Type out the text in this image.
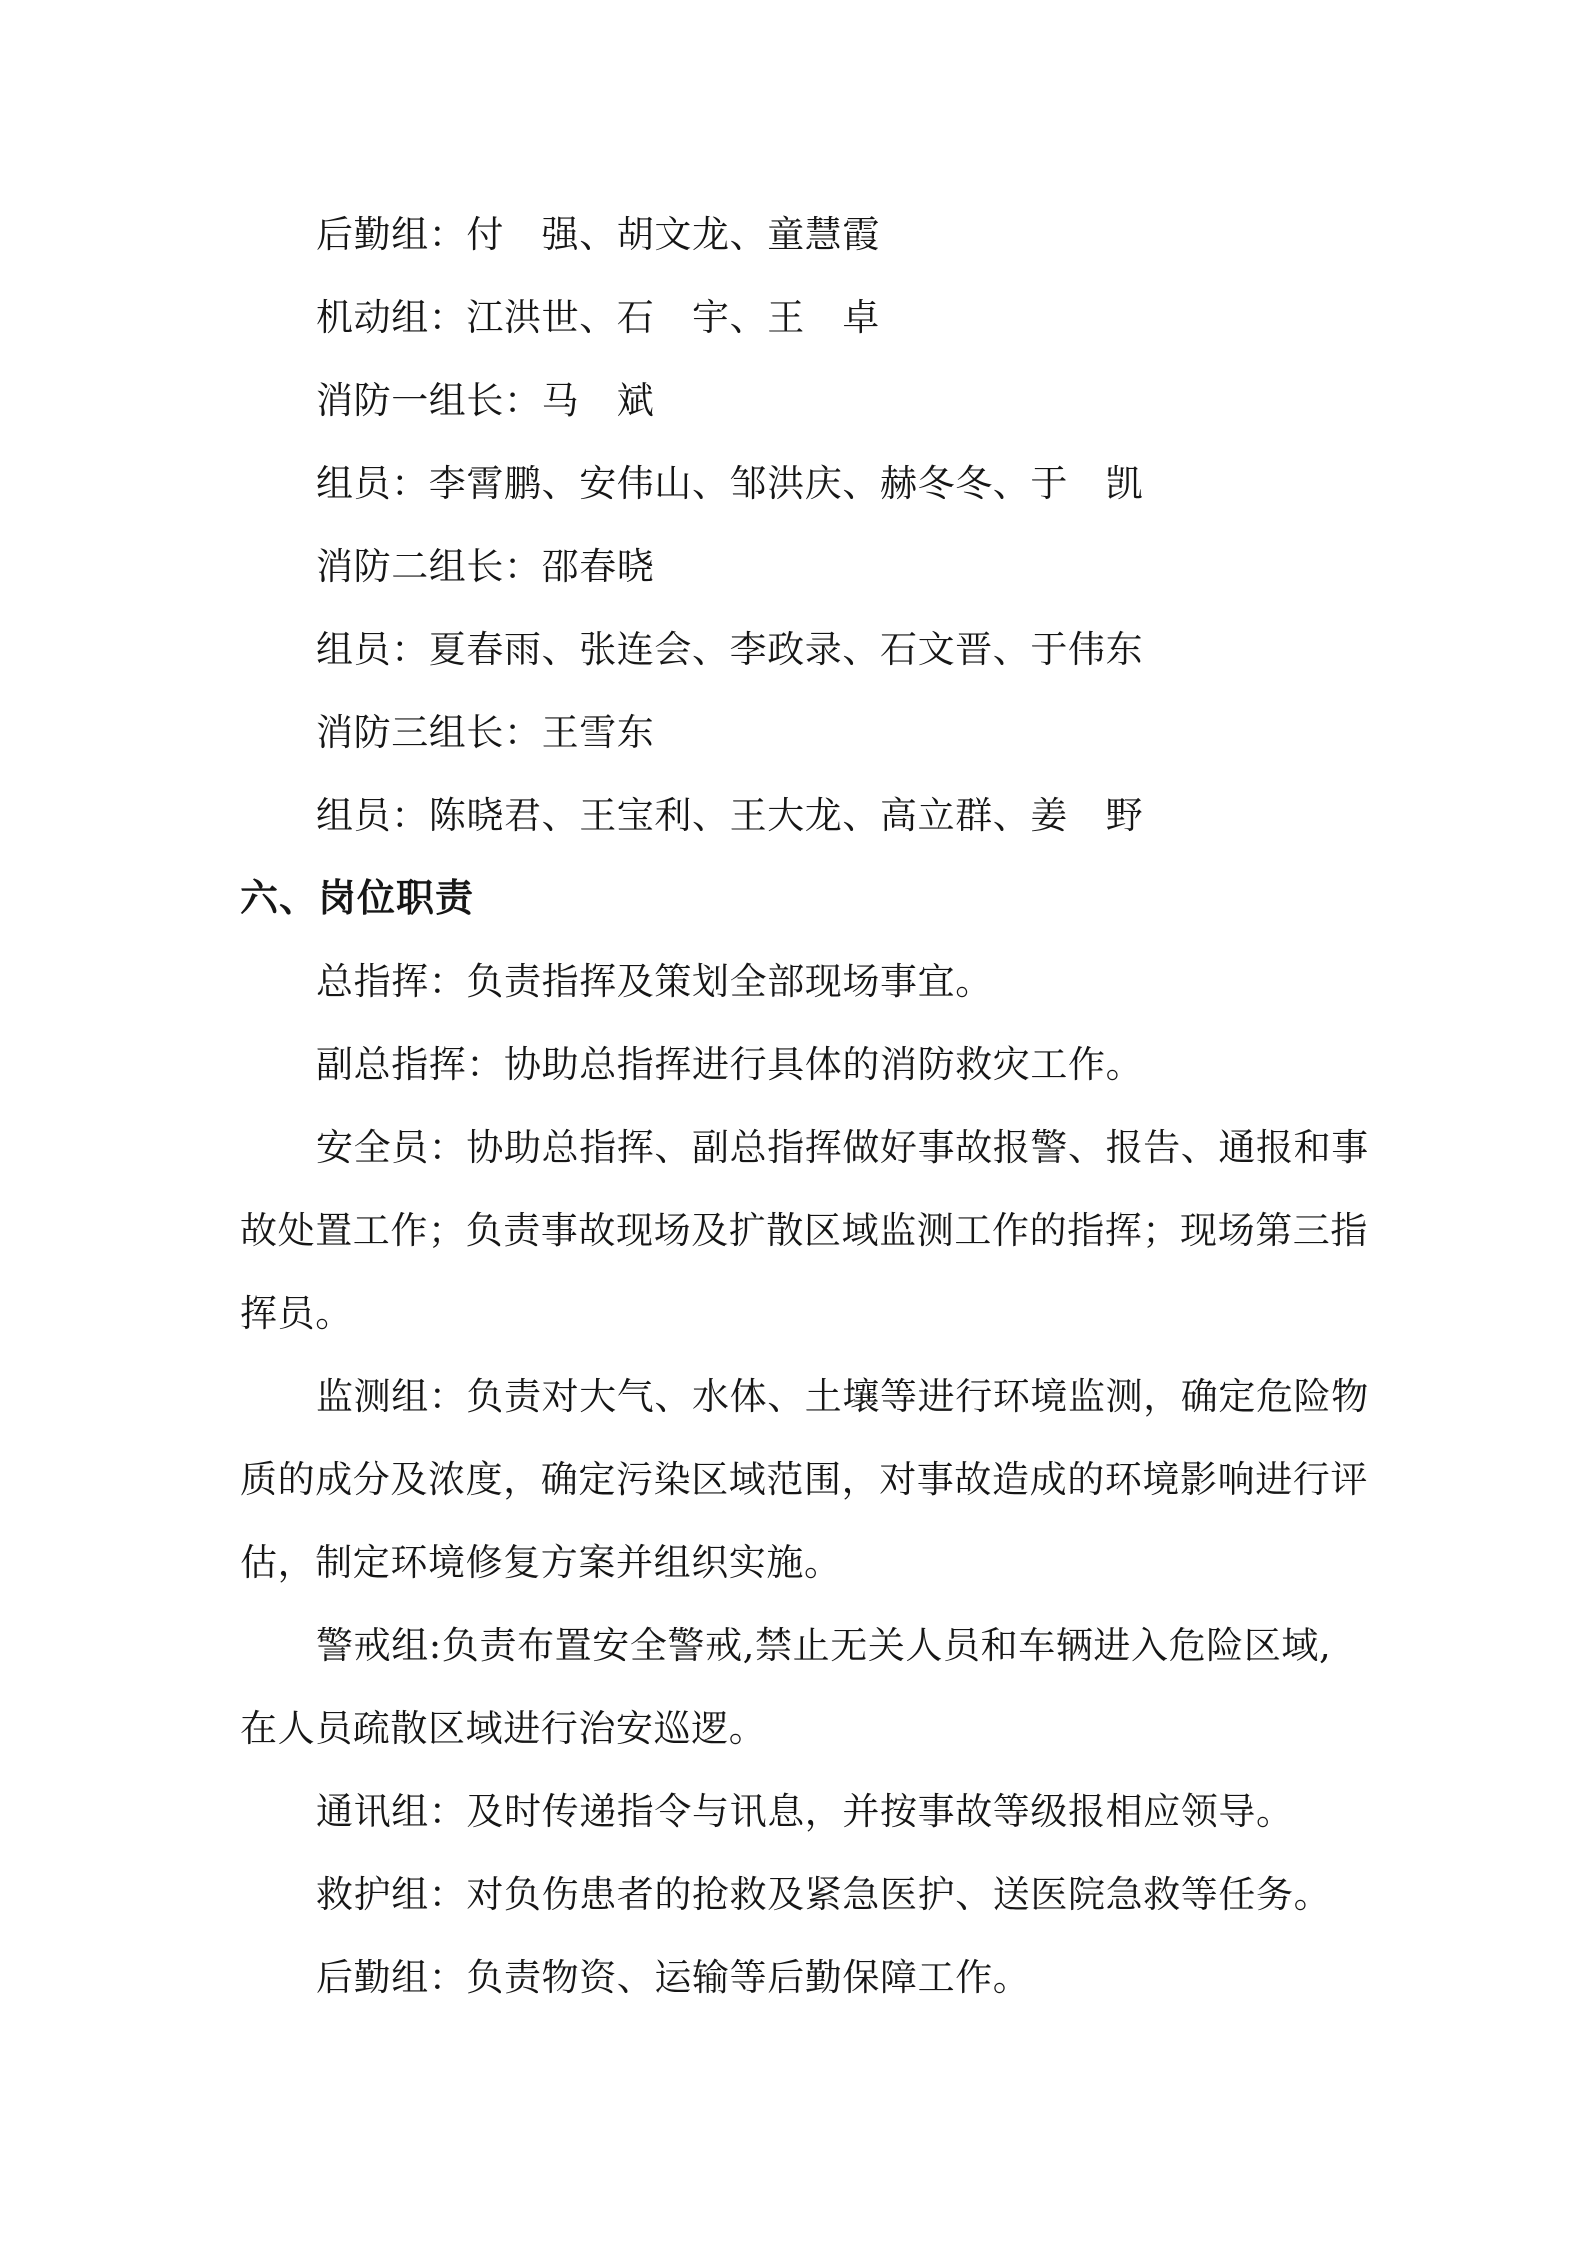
后勤组：付　强、胡文龙、童慧霞
机动组：江洪世、石　宇、王　卓
消防一组长：马　斌
组员：李霄鹏、安伟山、邹洪庆、赫冬冬、于　凯
消防二组长：邵春晓
组员：夏春雨、张连会、李政录、石文晋、于伟东
消防三组长：王雪东
组员：陈晓君、王宝利、王大龙、高立群、姜　野
六、岗位职责
总指挥：负责指挥及策划全部现场事宜。
副总指挥：协助总指挥进行具体的消防救灾工作。
安全员：协助总指挥、副总指挥做好事故报警、报告、通报和事
故处置工作；负责事故现场及扩散区域监测工作的指挥；现场第三指
挥员。
监测组：负责对大气、水体、土壤等进行环境监测，确定危险物
质的成分及浓度，确定污染区域范围，对事故造成的环境影响进行评
估，制定环境修复方案并组织实施。
警戒组:负责布置安全警戒,禁止无关人员和车辆进入危险区域,
在人员疏散区域进行治安巡逻。
通讯组：及时传递指令与讯息，并按事故等级报相应领导。
救护组：对负伤患者的抢救及紧急医护、送医院急救等任务。
后勤组：负责物资、运输等后勤保障工作。
